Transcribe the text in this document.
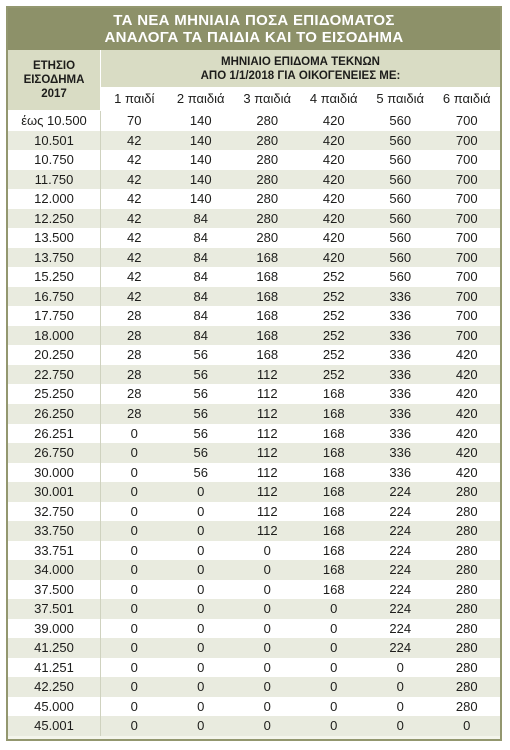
ΤΑ ΝΕΑ ΜΗΝΙΑΙΑ ΠΟΣΑ ΕΠΙΔΟΜΑΤΟΣ
ΑΝΑΛΟΓΑ ΤΑ ΠΑΙΔΙΑ ΚΑΙ ΤΟ ΕΙΣΟΔΗΜΑ
ΕΤΗΣΙΟ
ΕΙΣΟΔΗΜΑ
2017
ΜΗΝΙΑΙΟ ΕΠΙΔΟΜΑ ΤΕΚΝΩΝ
ΑΠΟ 1/1/2018 ΓΙΑ ΟΙΚΟΓΕΝΕΙΕΣ ΜΕ:
1 παιδί	2 παιδιά	3 παιδιά	4 παιδιά	5 παιδιά	6 παιδιά
έως 10.500	70	140	280	420	560	700
10.501	42	140	280	420	560	700
10.750	42	140	280	420	560	700
11.750	42	140	280	420	560	700
12.000	42	140	280	420	560	700
12.250	42	84	280	420	560	700
13.500	42	84	280	420	560	700
13.750	42	84	168	420	560	700
15.250	42	84	168	252	560	700
16.750	42	84	168	252	336	700
17.750	28	84	168	252	336	700
18.000	28	84	168	252	336	700
20.250	28	56	168	252	336	420
22.750	28	56	112	252	336	420
25.250	28	56	112	168	336	420
26.250	28	56	112	168	336	420
26.251	0	56	112	168	336	420
26.750	0	56	112	168	336	420
30.000	0	56	112	168	336	420
30.001	0	0	112	168	224	280
32.750	0	0	112	168	224	280
33.750	0	0	112	168	224	280
33.751	0	0	0	168	224	280
34.000	0	0	0	168	224	280
37.500	0	0	0	168	224	280
37.501	0	0	0	0	224	280
39.000	0	0	0	0	224	280
41.250	0	0	0	0	224	280
41.251	0	0	0	0	0	280
42.250	0	0	0	0	0	280
45.000	0	0	0	0	0	280
45.001	0	0	0	0	0	0
